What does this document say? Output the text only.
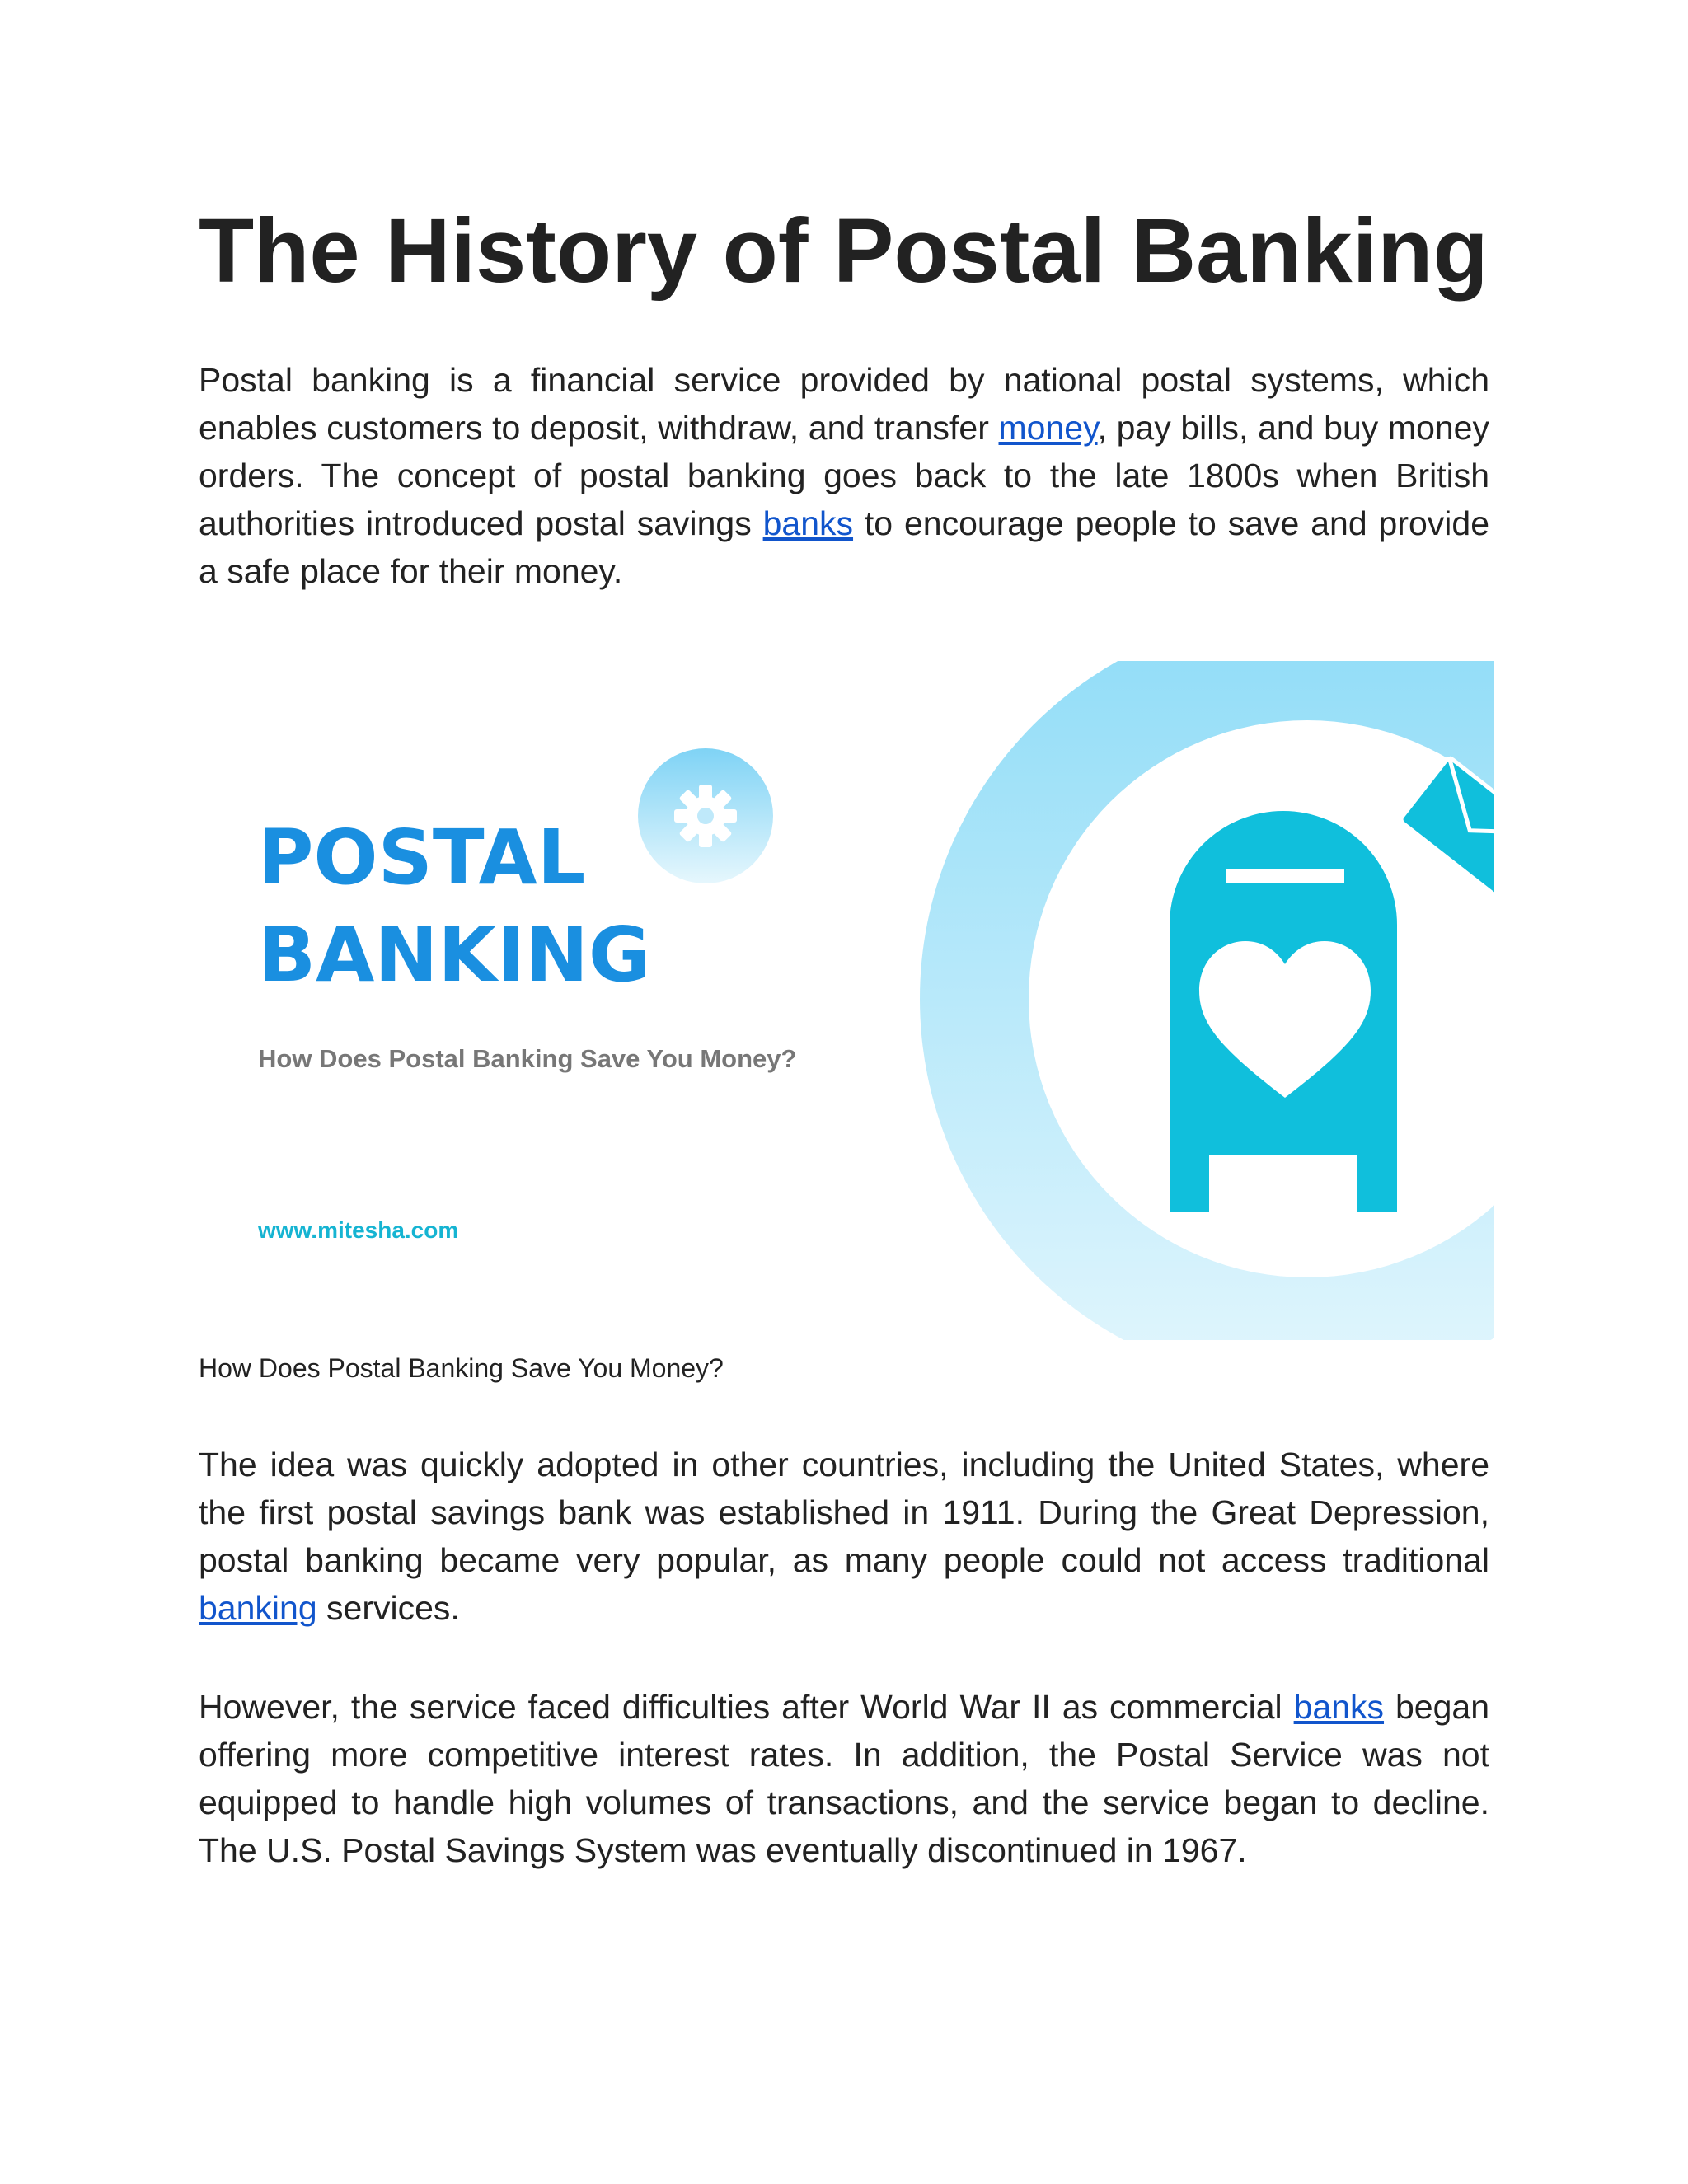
The History of Postal Banking

Postal banking is a financial service provided by national postal systems, which enables customers to deposit, withdraw, and transfer money, pay bills, and buy money orders. The concept of postal banking goes back to the late 1800s when British authorities introduced postal savings banks to encourage people to save and provide a safe place for their money.

POSTAL
BANKING
How Does Postal Banking Save You Money?
www.mitesha.com

How Does Postal Banking Save You Money?

The idea was quickly adopted in other countries, including the United States, where the first postal savings bank was established in 1911. During the Great Depression, postal banking became very popular, as many people could not access traditional banking services.

However, the service faced difficulties after World War II as commercial banks began offering more competitive interest rates. In addition, the Postal Service was not equipped to handle high volumes of transactions, and the service began to decline. The U.S. Postal Savings System was eventually discontinued in 1967.
